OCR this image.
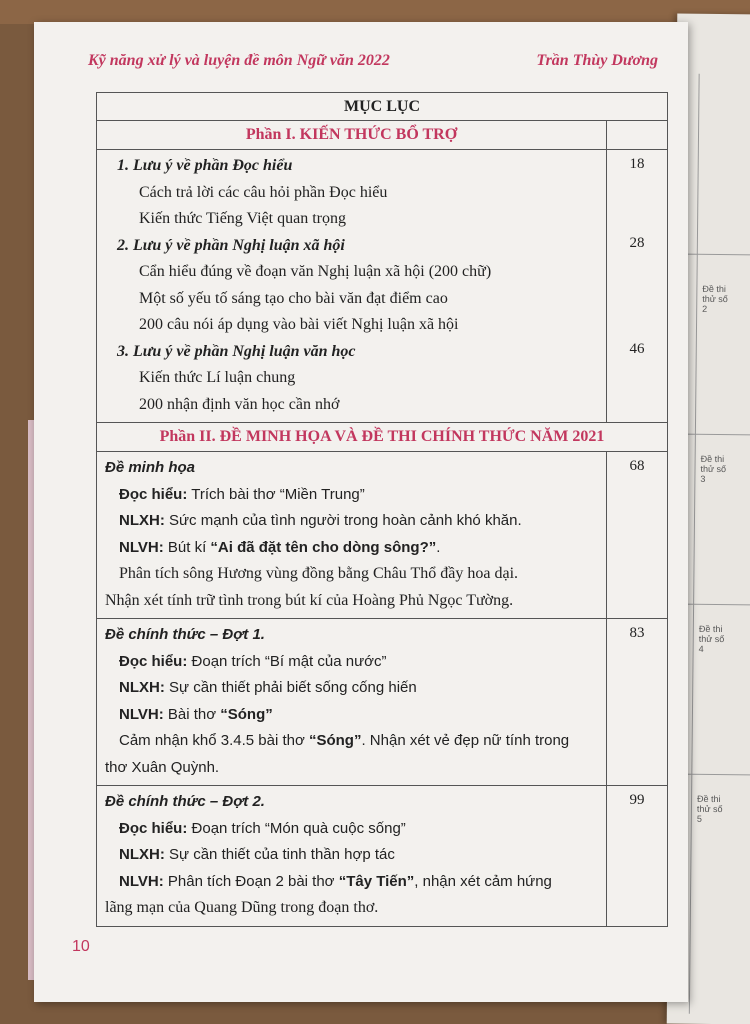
Đề thi thử số 2
Đề thi thử số 3
Đề thi thử số 4
Đề thi thử số 5
Kỹ năng xử lý và luyện đề môn Ngữ văn 2022	Trần Thùy Dương
MỤC LỤC
Phần I. KIẾN THỨC BỔ TRỢ
1. Lưu ý về phần Đọc hiểu
Cách trả lời các câu hỏi phần Đọc hiểu
Kiến thức Tiếng Việt quan trọng
2. Lưu ý về phần Nghị luận xã hội
Cẩn hiểu đúng về đoạn văn Nghị luận xã hội (200 chữ)
Một số yếu tố sáng tạo cho bài văn đạt điểm cao
200 câu nói áp dụng vào bài viết Nghị luận xã hội
3. Lưu ý về phần Nghị luận văn học
Kiến thức Lí luận chung
200 nhận định văn học cần nhớ
18
28
46
Phần II. ĐỀ MINH HỌA VÀ ĐỀ THI CHÍNH THỨC NĂM 2021
Đề minh họa
Đọc hiểu: Trích bài thơ “Miền Trung”
NLXH: Sức mạnh của tình người trong hoàn cảnh khó khăn.
NLVH: Bút kí “Ai đã đặt tên cho dòng sông?”.
Phân tích sông Hương vùng đồng bằng Châu Thổ đầy hoa dại.
Nhận xét tính trữ tình trong bút kí của Hoàng Phủ Ngọc Tường.
68
Đề chính thức – Đợt 1.
Đọc hiểu: Đoạn trích “Bí mật của nước”
NLXH: Sự cần thiết phải biết sống cống hiến
NLVH: Bài thơ “Sóng”
Cảm nhận khổ 3.4.5 bài thơ “Sóng”. Nhận xét vẻ đẹp nữ tính trong
thơ Xuân Quỳnh.
83
Đề chính thức – Đợt 2.
Đọc hiểu: Đoạn trích “Món quà cuộc sống”
NLXH: Sự cần thiết của tinh thần hợp tác
NLVH: Phân tích Đoạn 2 bài thơ “Tây Tiến”, nhận xét cảm hứng
lãng mạn của Quang Dũng trong đoạn thơ.
99
10
